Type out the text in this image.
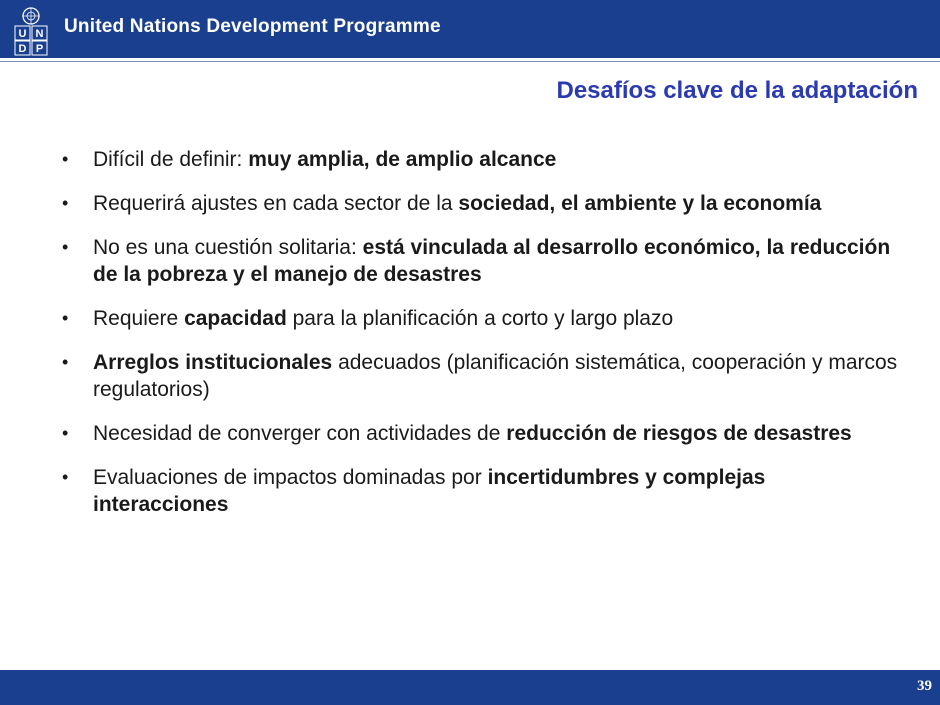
U N
D P
United Nations Development Programme
Desafíos clave de la adaptación
• Difícil de definir: muy amplia, de amplio alcance
• Requerirá ajustes en cada sector de la sociedad, el ambiente y la economía
• No es una cuestión solitaria: está vinculada al desarrollo económico, la reducción de la pobreza y el manejo de desastres
• Requiere capacidad para la planificación a corto y largo plazo
• Arreglos institucionales adecuados (planificación sistemática, cooperación y marcos regulatorios)
• Necesidad de converger con actividades de reducción de riesgos de desastres
• Evaluaciones de impactos dominadas por incertidumbres y complejas interacciones
39
